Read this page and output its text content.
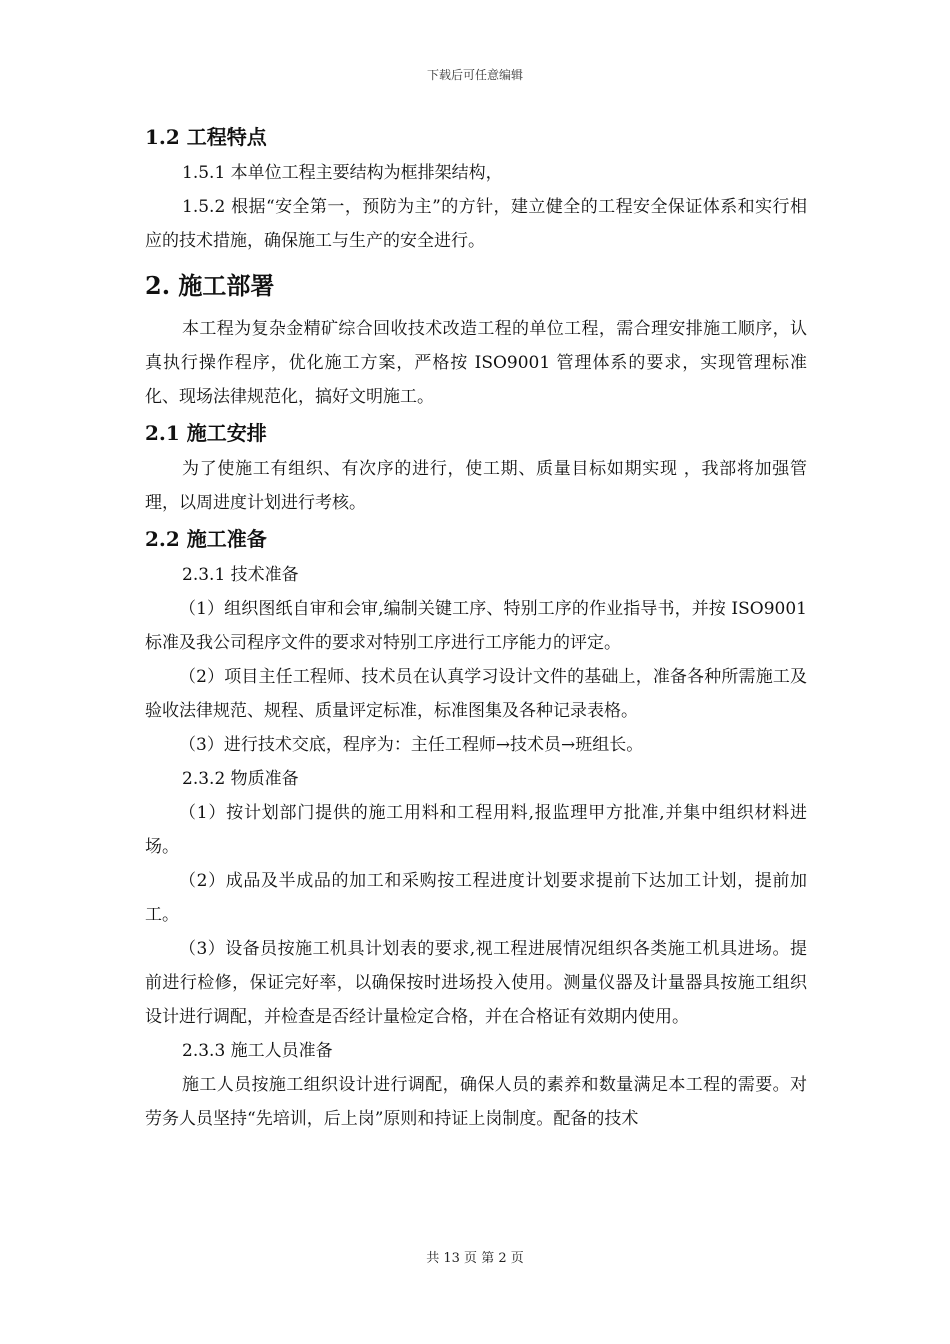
下载后可任意编辑

1.2 工程特点

1.5.1 本单位工程主要结构为框排架结构，

1.5.2 根据“安全第一，预防为主”的方针，建立健全的工程安全保证体系和实行相应的技术措施，确保施工与生产的安全进行。

2. 施工部署

本工程为复杂金精矿综合回收技术改造工程的单位工程，需合理安排施工顺序，认真执行操作程序，优化施工方案，严格按 ISO9001 管理体系的要求，实现管理标准化、现场法律规范化，搞好文明施工。

2.1 施工安排

为了使施工有组织、有次序的进行，使工期、质量目标如期实现 ，我部将加强管理，以周进度计划进行考核。

2.2 施工准备

2.3.1 技术准备

（1）组织图纸自审和会审,编制关键工序、特别工序的作业指导书，并按 ISO9001 标准及我公司程序文件的要求对特别工序进行工序能力的评定。

（2）项目主任工程师、技术员在认真学习设计文件的基础上，准备各种所需施工及验收法律规范、规程、质量评定标准，标准图集及各种记录表格。

（3）进行技术交底，程序为：主任工程师→技术员→班组长。

2.3.2 物质准备

（1）按计划部门提供的施工用料和工程用料,报监理甲方批准,并集中组织材料进场。

（2）成品及半成品的加工和采购按工程进度计划要求提前下达加工计划，提前加工。

（3）设备员按施工机具计划表的要求,视工程进展情况组织各类施工机具进场。提前进行检修，保证完好率，以确保按时进场投入使用。测量仪器及计量器具按施工组织设计进行调配，并检查是否经计量检定合格，并在合格证有效期内使用。

2.3.3 施工人员准备

施工人员按施工组织设计进行调配，确保人员的素养和数量满足本工程的需要。对劳务人员坚持“先培训，后上岗”原则和持证上岗制度。配备的技术

共 13 页 第 2 页
